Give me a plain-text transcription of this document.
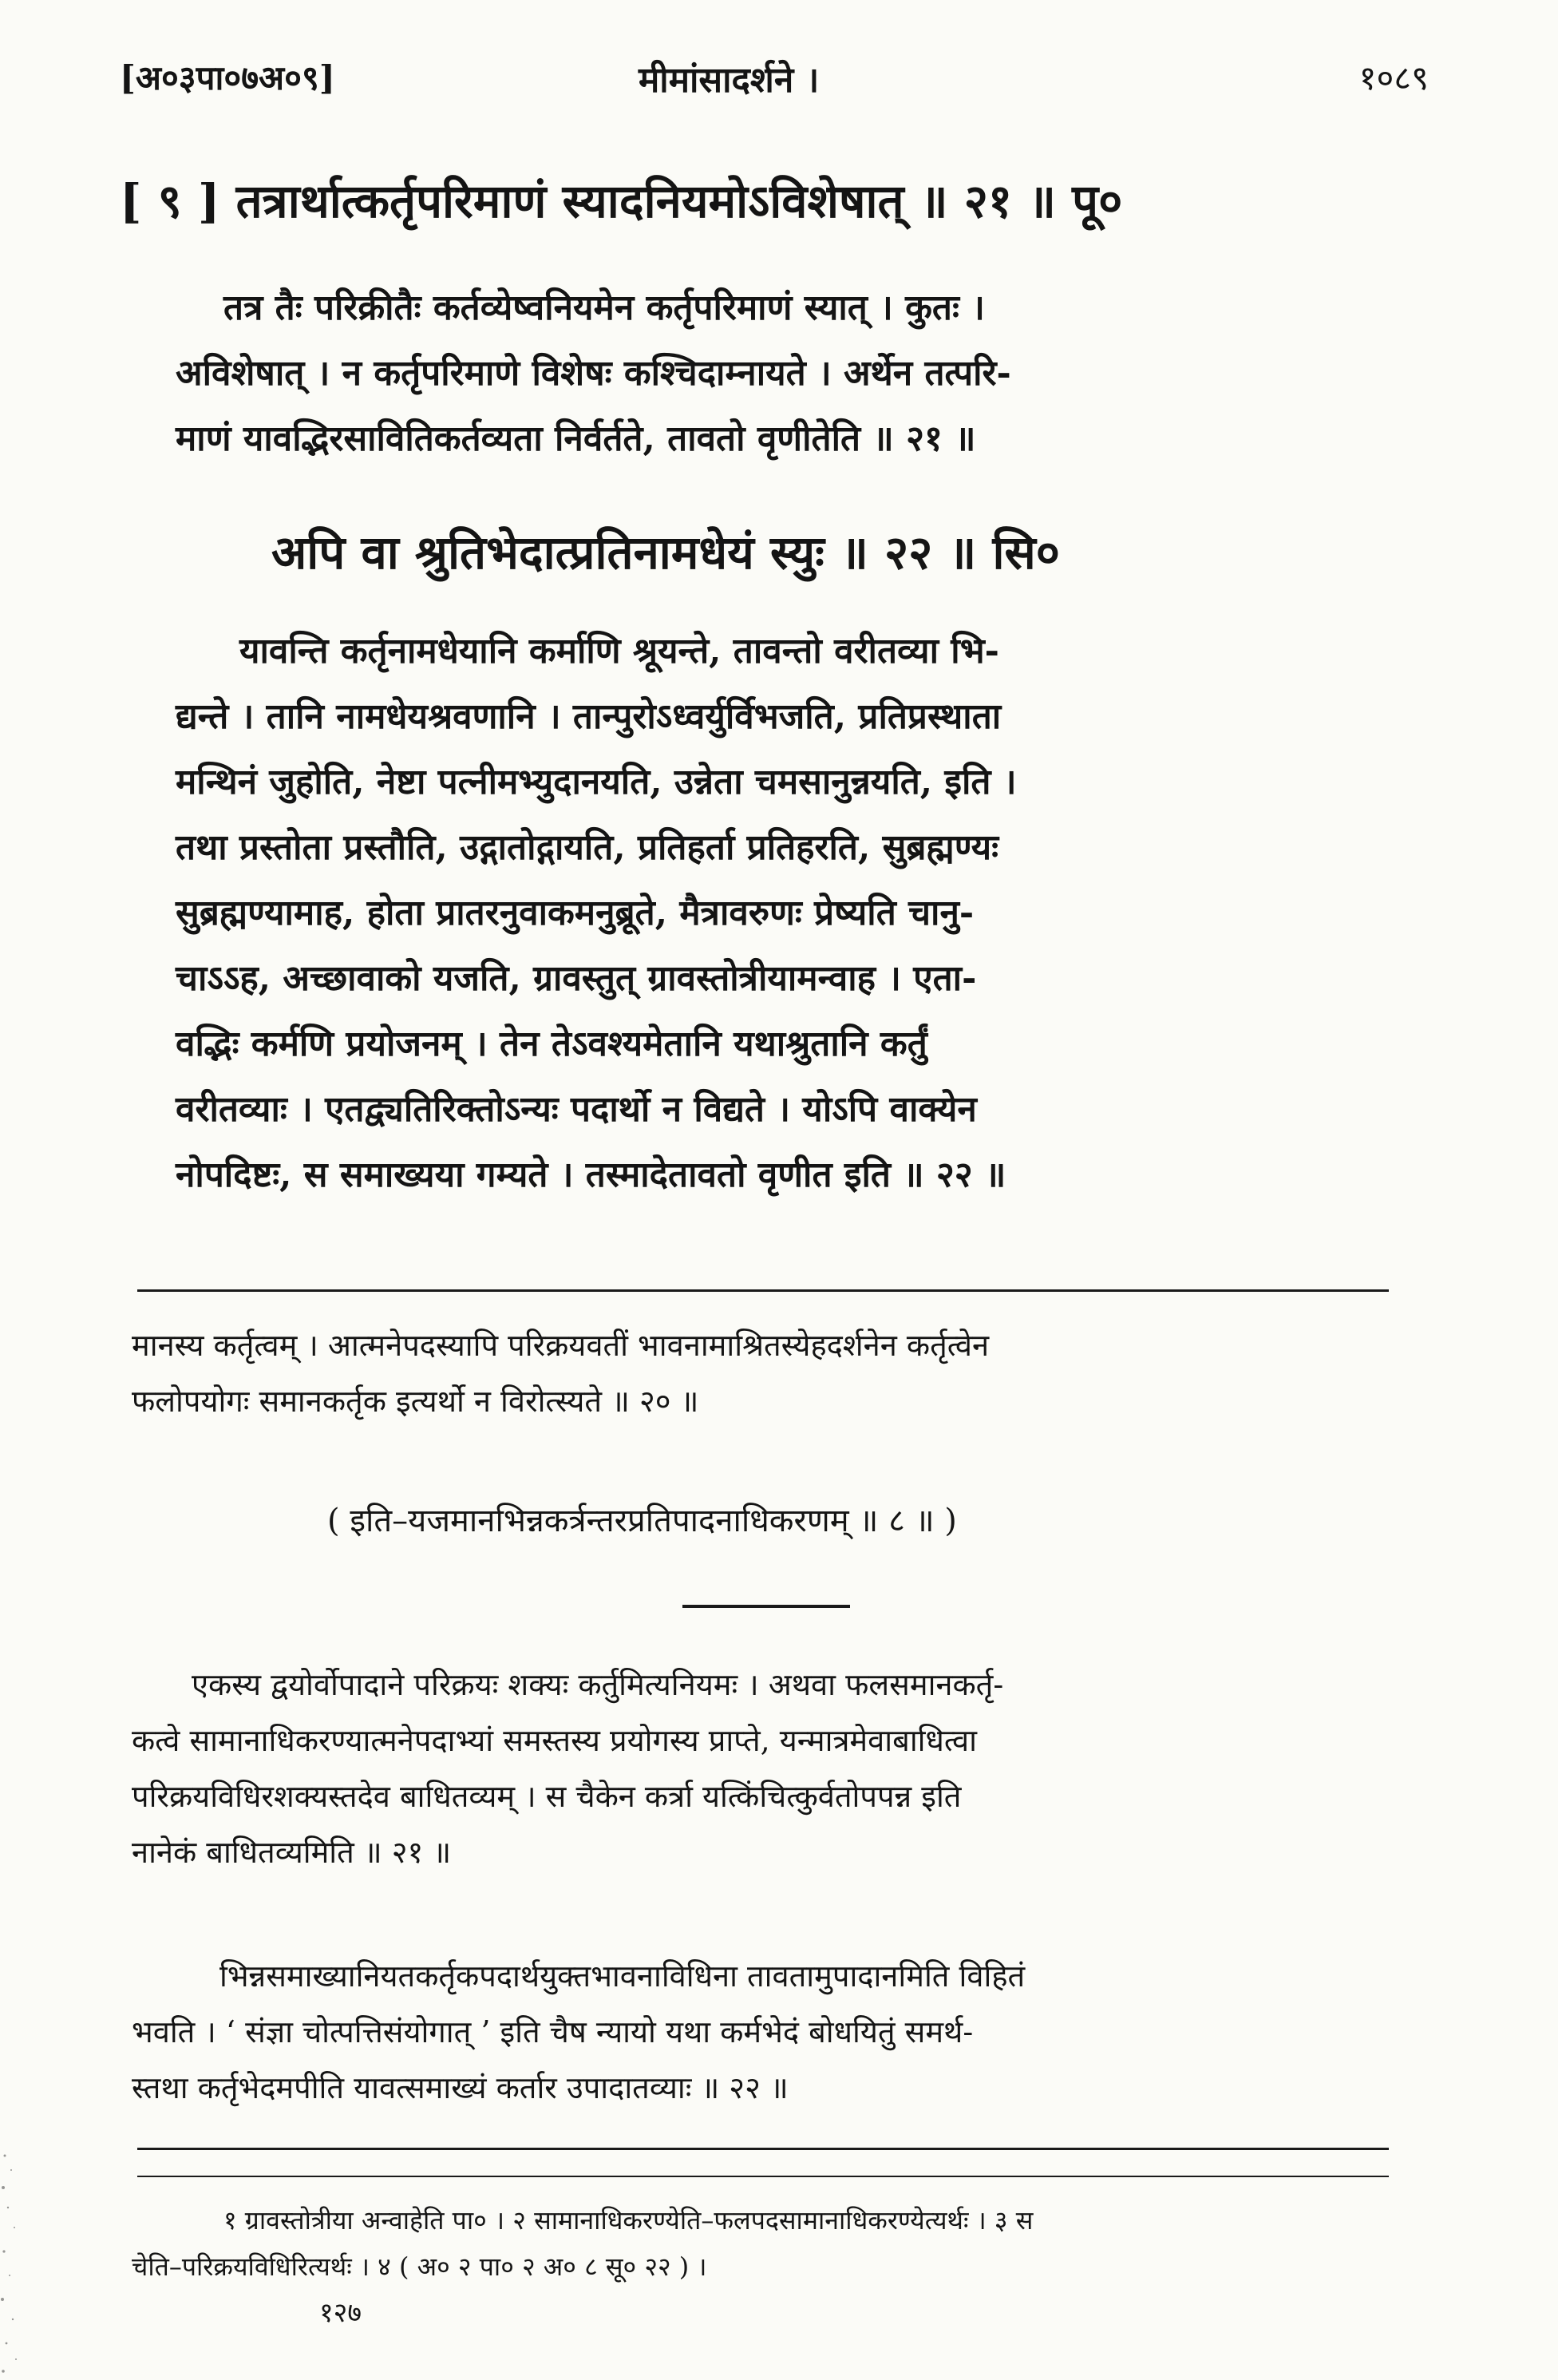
[अ०३पा०७अ०९]	मीमांसादर्शने ।	१०८९
[ ९ ] तत्रार्थात्कर्तृपरिमाणं स्यादनियमोऽविशेषात् ॥ २१ ॥ पू०
तत्र तैः परिक्रीतैः कर्तव्येष्वनियमेन कर्तृपरिमाणं स्यात् । कुतः ।
अविशेषात् । न कर्तृपरिमाणे विशेषः कश्चिदाम्नायते । अर्थेन तत्परि-
माणं यावद्भिरसावितिकर्तव्यता निर्वर्तते, तावतो वृणीतेति ॥ २१ ॥
अपि वा श्रुतिभेदात्प्रतिनामधेयं स्युः ॥ २२ ॥ सि०
यावन्ति कर्तृनामधेयानि कर्माणि श्रूयन्ते, तावन्तो वरीतव्या भि-
द्यन्ते । तानि नामधेयश्रवणानि । तान्पुरोऽध्वर्युर्विभजति, प्रतिप्रस्थाता
मन्थिनं जुहोति, नेष्टा पत्नीमभ्युदानयति, उन्नेता चमसानुन्नयति, इति ।
तथा प्रस्तोता प्रस्तौति, उद्गातोद्गायति, प्रतिहर्ता प्रतिहरति, सुब्रह्मण्यः
सुब्रह्मण्यामाह, होता प्रातरनुवाकमनुब्रूते, मैत्रावरुणः प्रेष्यति चानु-
चाऽऽह, अच्छावाको यजति, ग्रावस्तुत् ग्रावस्तोत्रीयामन्वाह । एता-
वद्भिः कर्मणि प्रयोजनम् । तेन तेऽवश्यमेतानि यथाश्रुतानि कर्तुं
वरीतव्याः । एतद्व्यतिरिक्तोऽन्यः पदार्थो न विद्यते । योऽपि वाक्येन
नोपदिष्टः, स समाख्यया गम्यते । तस्मादेतावतो वृणीत इति ॥ २२ ॥
मानस्य कर्तृत्वम् । आत्मनेपदस्यापि परिक्रयवतीं भावनामाश्रितस्येहदर्शनेन कर्तृत्वेन
फलोपयोगः समानकर्तृक इत्यर्थो न विरोत्स्यते ॥ २० ॥
( इति–यजमानभिन्नकर्त्रन्तरप्रतिपादनाधिकरणम् ॥ ८ ॥ )
एकस्य द्वयोर्वोपादाने परिक्रयः शक्यः कर्तुमित्यनियमः । अथवा फलसमानकर्तृ-
कत्वे सामानाधिकरण्यात्मनेपदाभ्यां समस्तस्य प्रयोगस्य प्राप्ते, यन्मात्रमेवाबाधित्वा
परिक्रयविधिरशक्यस्तदेव बाधितव्यम् । स चैकेन कर्त्रा यत्किंचित्कुर्वतोपपन्न इति
नानेकं बाधितव्यमिति ॥ २१ ॥
भिन्नसमाख्यानियतकर्तृकपदार्थयुक्तभावनाविधिना तावतामुपादानमिति विहितं
भवति । ‘ संज्ञा चोत्पत्तिसंयोगात् ’ इति चैष न्यायो यथा कर्मभेदं बोधयितुं समर्थ-
स्तथा कर्तृभेदमपीति यावत्समाख्यं कर्तार उपादातव्याः ॥ २२ ॥
१ ग्रावस्तोत्रीया अन्वाहेति पा० । २ सामानाधिकरण्येति–फलपदसामानाधिकरण्येत्यर्थः । ३ स
चेति–परिक्रयविधिरित्यर्थः । ४ ( अ० २ पा० २ अ० ८ सू० २२ ) ।
१२७
